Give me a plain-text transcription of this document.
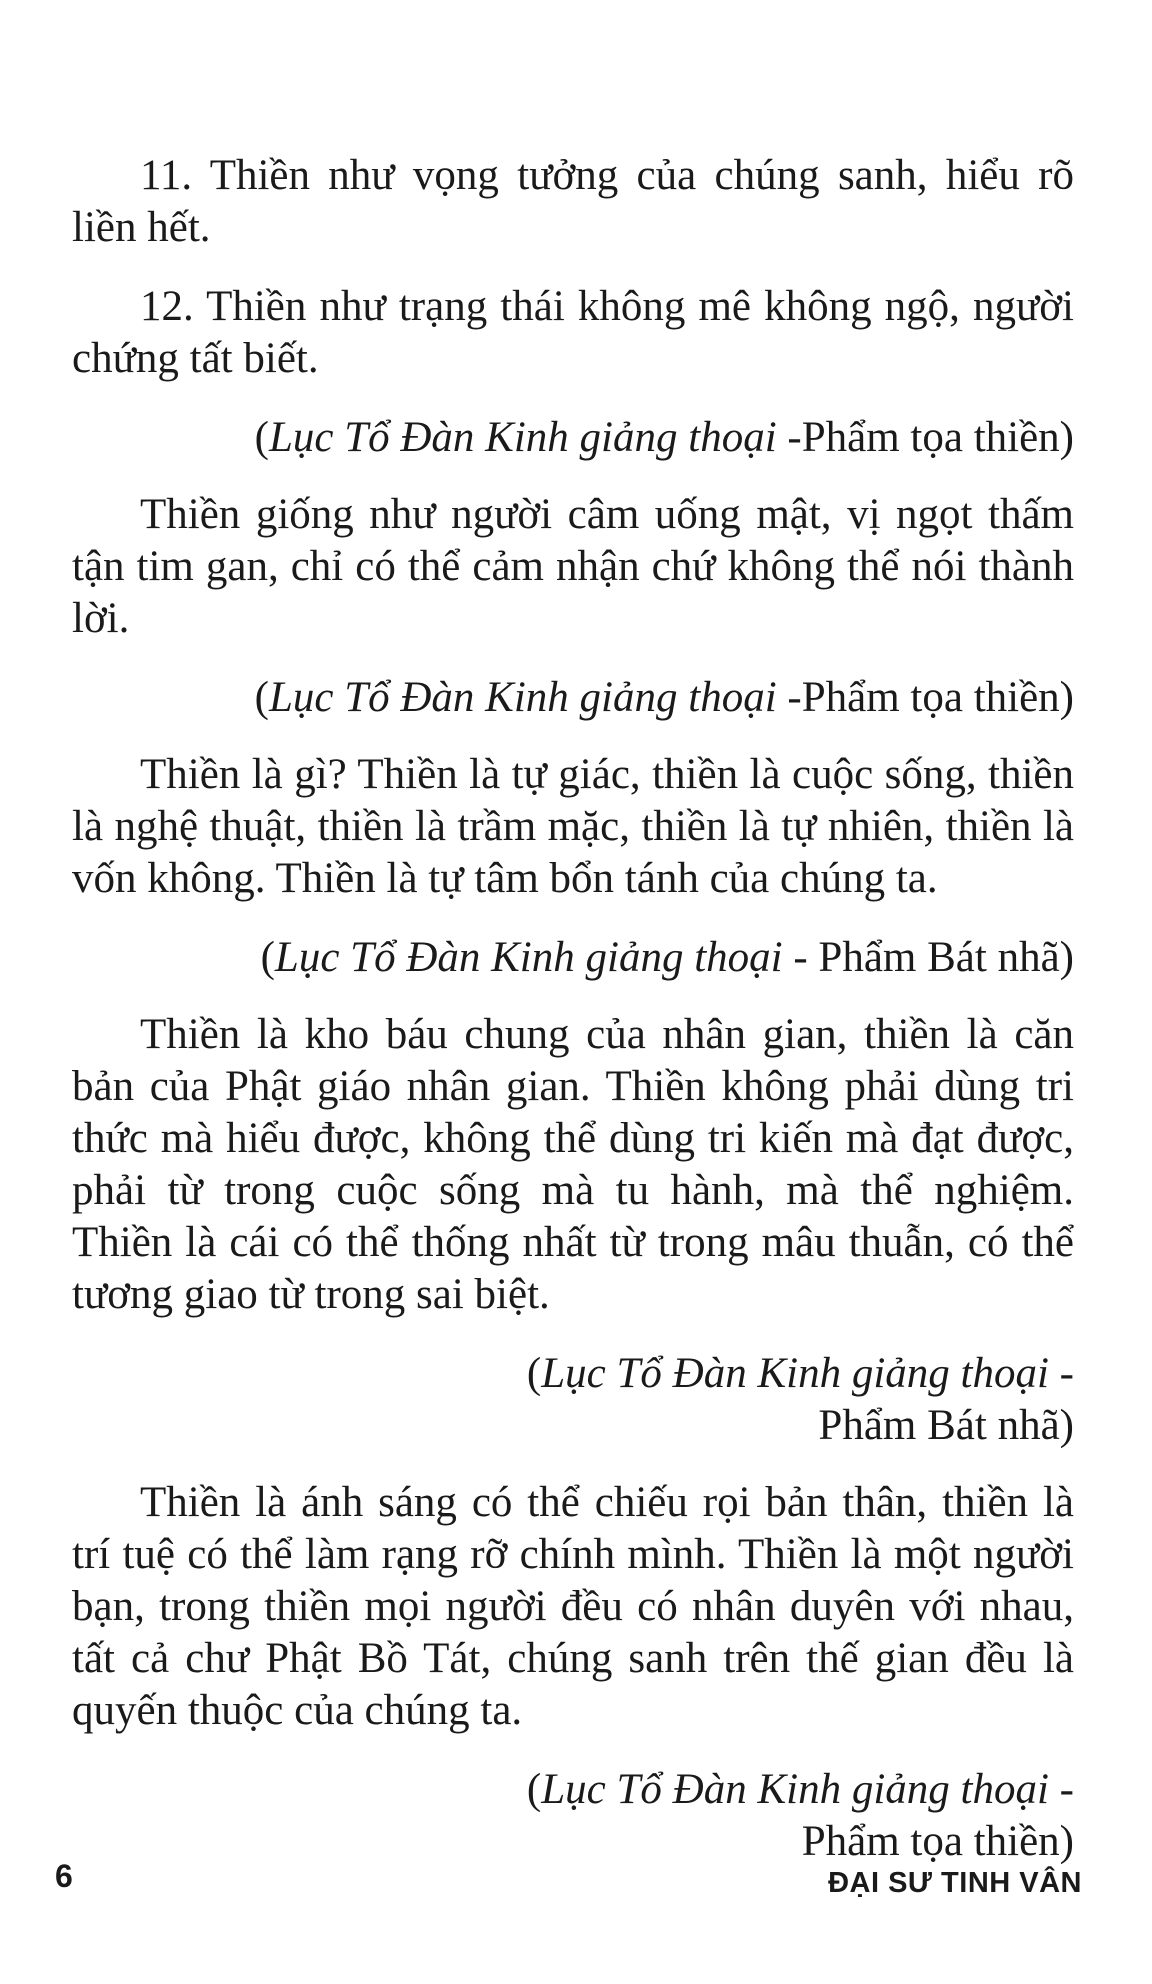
11. Thiền như vọng tưởng của chúng sanh, hiểu rõ liền hết.

12. Thiền như trạng thái không mê không ngộ, người chứng tất biết.

(Lục Tổ Đàn Kinh giảng thoại -Phẩm tọa thiền)

Thiền giống như người câm uống mật, vị ngọt thấm tận tim gan, chỉ có thể cảm nhận chứ không thể nói thành lời.

(Lục Tổ Đàn Kinh giảng thoại -Phẩm tọa thiền)

Thiền là gì? Thiền là tự giác, thiền là cuộc sống, thiền là nghệ thuật, thiền là trầm mặc, thiền là tự nhiên, thiền là vốn không. Thiền là tự tâm bổn tánh của chúng ta.

(Lục Tổ Đàn Kinh giảng thoại - Phẩm Bát nhã)

Thiền là kho báu chung của nhân gian, thiền là căn bản của Phật giáo nhân gian. Thiền không phải dùng tri thức mà hiểu được, không thể dùng tri kiến mà đạt được, phải từ trong cuộc sống mà tu hành, mà thể nghiệm. Thiền là cái có thể thống nhất từ trong mâu thuẫn, có thể tương giao từ trong sai biệt.

(Lục Tổ Đàn Kinh giảng thoại -
Phẩm Bát nhã)

Thiền là ánh sáng có thể chiếu rọi bản thân, thiền là trí tuệ có thể làm rạng rỡ chính mình. Thiền là một người bạn, trong thiền mọi người đều có nhân duyên với nhau, tất cả chư Phật Bồ Tát, chúng sanh trên thế gian đều là quyến thuộc của chúng ta.

(Lục Tổ Đàn Kinh giảng thoại -
Phẩm tọa thiền)
6	ĐẠI SƯ TINH VÂN
